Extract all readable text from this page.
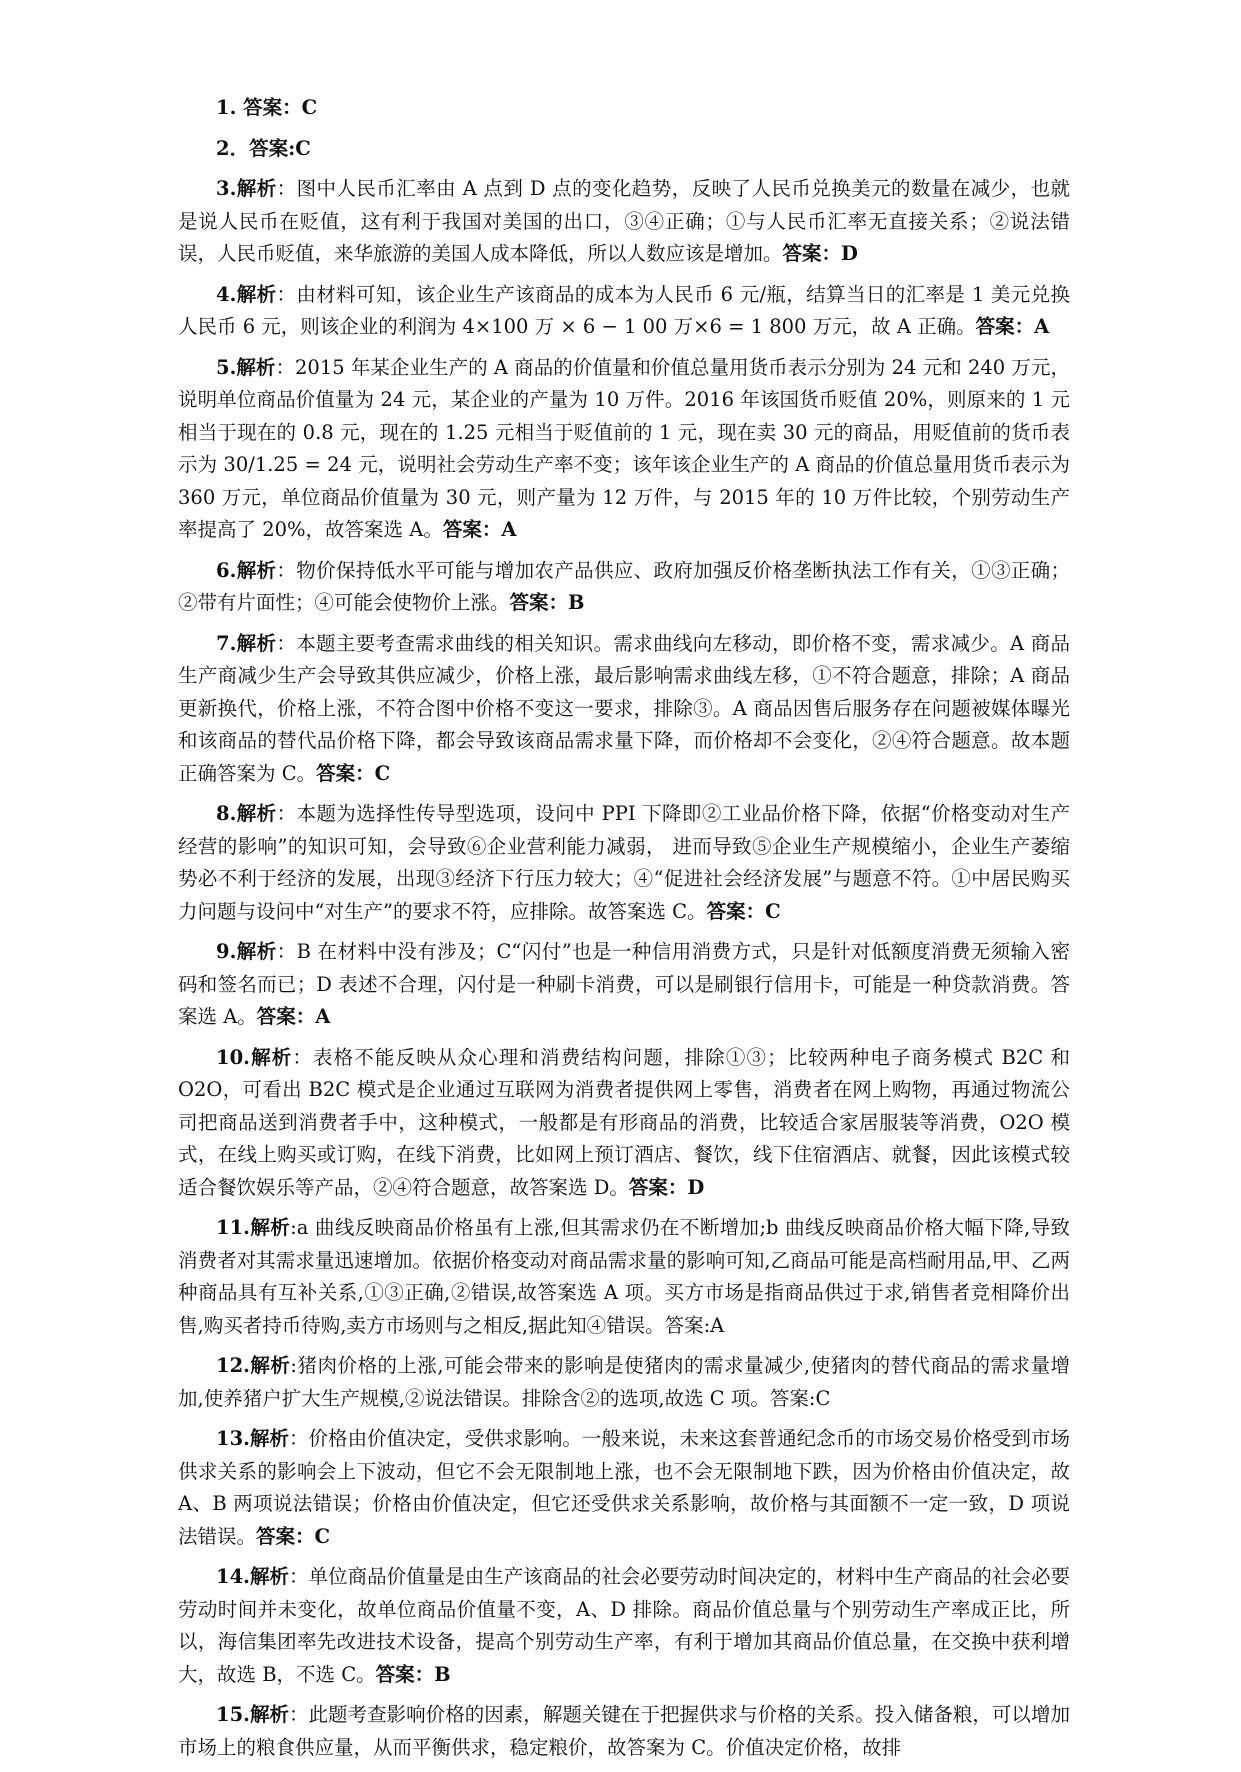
1. 答案：C

2．答案:C

3.解析：图中人民币汇率由 A 点到 D 点的变化趋势，反映了人民币兑换美元的数量在减少，也就是说人民币在贬值，这有利于我国对美国的出口，③④正确；①与人民币汇率无直接关系；②说法错误，人民币贬值，来华旅游的美国人成本降低，所以人数应该是增加。答案：D

4.解析：由材料可知，该企业生产该商品的成本为人民币 6 元/瓶，结算当日的汇率是 1 美元兑换人民币 6 元，则该企业的利润为 4×100 万 × 6 − 1 00 万×6 = 1 800 万元，故 A 正确。答案：A

5.解析：2015 年某企业生产的 A 商品的价值量和价值总量用货币表示分别为 24 元和 240 万元，说明单位商品价值量为 24 元，某企业的产量为 10 万件。2016 年该国货币贬值 20%，则原来的 1 元相当于现在的 0.8 元，现在的 1.25 元相当于贬值前的 1 元，现在卖 30 元的商品，用贬值前的货币表示为 30/1.25 = 24 元，说明社会劳动生产率不变；该年该企业生产的 A 商品的价值总量用货币表示为 360 万元，单位商品价值量为 30 元，则产量为 12 万件，与 2015 年的 10 万件比较，个别劳动生产率提高了 20%，故答案选 A。答案：A

6.解析：物价保持低水平可能与增加农产品供应、政府加强反价格垄断执法工作有关，①③正确；②带有片面性；④可能会使物价上涨。答案：B

7.解析：本题主要考查需求曲线的相关知识。需求曲线向左移动，即价格不变，需求减少。A 商品生产商减少生产会导致其供应减少，价格上涨，最后影响需求曲线左移，①不符合题意，排除；A 商品更新换代，价格上涨，不符合图中价格不变这一要求，排除③。A 商品因售后服务存在问题被媒体曝光和该商品的替代品价格下降，都会导致该商品需求量下降，而价格却不会变化，②④符合题意。故本题正确答案为 C。答案：C

8.解析：本题为选择性传导型选项，设问中 PPI 下降即②工业品价格下降，依据“价格变动对生产经营的影响”的知识可知，会导致⑥企业营利能力减弱， 进而导致⑤企业生产规模缩小，企业生产萎缩势必不利于经济的发展，出现③经济下行压力较大；④“促进社会经济发展”与题意不符。①中居民购买力问题与设问中“对生产”的要求不符，应排除。故答案选 C。答案：C

9.解析：B 在材料中没有涉及；C“闪付”也是一种信用消费方式，只是针对低额度消费无须输入密码和签名而已；D 表述不合理，闪付是一种刷卡消费，可以是刷银行信用卡，可能是一种贷款消费。答案选 A。答案：A

10.解析：表格不能反映从众心理和消费结构问题，排除①③；比较两种电子商务模式 B2C 和 O2O，可看出 B2C 模式是企业通过互联网为消费者提供网上零售，消费者在网上购物，再通过物流公司把商品送到消费者手中，这种模式，一般都是有形商品的消费，比较适合家居服装等消费，O2O 模式，在线上购买或订购，在线下消费，比如网上预订酒店、餐饮，线下住宿酒店、就餐，因此该模式较适合餐饮娱乐等产品，②④符合题意，故答案选 D。答案：D

11.解析:a 曲线反映商品价格虽有上涨,但其需求仍在不断增加;b 曲线反映商品价格大幅下降,导致消费者对其需求量迅速增加。依据价格变动对商品需求量的影响可知,乙商品可能是高档耐用品,甲、乙两种商品具有互补关系,①③正确,②错误,故答案选 A 项。买方市场是指商品供过于求,销售者竞相降价出售,购买者持币待购,卖方市场则与之相反,据此知④错误。答案:A

12.解析:猪肉价格的上涨,可能会带来的影响是使猪肉的需求量减少,使猪肉的替代商品的需求量增加,使养猪户扩大生产规模,②说法错误。排除含②的选项,故选 C 项。答案:C

13.解析：价格由价值决定，受供求影响。一般来说，未来这套普通纪念币的市场交易价格受到市场供求关系的影响会上下波动，但它不会无限制地上涨，也不会无限制地下跌，因为价格由价值决定，故 A、B 两项说法错误；价格由价值决定，但它还受供求关系影响，故价格与其面额不一定一致，D 项说法错误。答案：C

14.解析：单位商品价值量是由生产该商品的社会必要劳动时间决定的，材料中生产商品的社会必要劳动时间并未变化，故单位商品价值量不变，A、D 排除。商品价值总量与个别劳动生产率成正比，所以，海信集团率先改进技术设备，提高个别劳动生产率，有利于增加其商品价值总量，在交换中获利增大，故选 B，不选 C。答案：B

15.解析：此题考查影响价格的因素，解题关键在于把握供求与价格的关系。投入储备粮，可以增加市场上的粮食供应量，从而平衡供求，稳定粮价，故答案为 C。价值决定价格，故排
